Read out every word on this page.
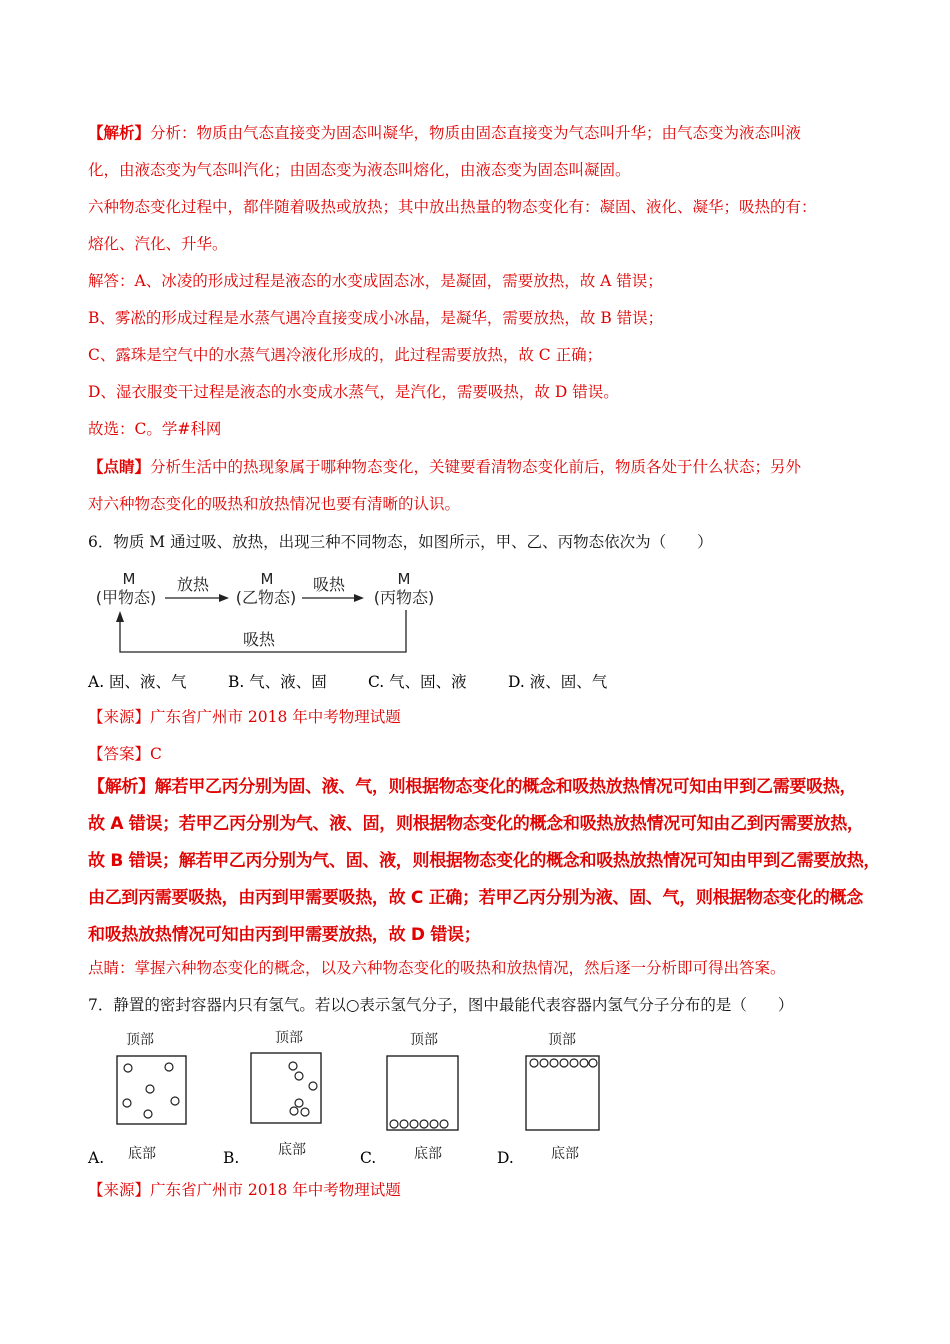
【解析】分析：物质由气态直接变为固态叫凝华，物质由固态直接变为气态叫升华；由气态变为液态叫液
化，由液态变为气态叫汽化；由固态变为液态叫熔化，由液态变为固态叫凝固。
六种物态变化过程中，都伴随着吸热或放热；其中放出热量的物态变化有：凝固、液化、凝华；吸热的有：
熔化、汽化、升华。
解答：A、冰凌的形成过程是液态的水变成固态冰，是凝固，需要放热，故 A 错误；
B、雾凇的形成过程是水蒸气遇冷直接变成小冰晶，是凝华，需要放热，故 B 错误；
C、露珠是空气中的水蒸气遇冷液化形成的，此过程需要放热，故 C 正确；
D、湿衣服变干过程是液态的水变成水蒸气，是汽化，需要吸热，故 D 错误。
故选：C。学#科网
【点睛】分析生活中的热现象属于哪种物态变化，关键要看清物态变化前后，物质各处于什么状态；另外
对六种物态变化的吸热和放热情况也要有清晰的认识。
6．物质 M 通过吸、放热，出现三种不同物态，如图所示，甲、乙、丙物态依次为（　　）
M	M	M
(甲物态)	(乙物态)	(丙物态)
放热	吸热
吸热
A. 固、液、气	B. 气、液、固	C. 气、固、液	D. 液、固、气
【来源】广东省广州市 2018 年中考物理试题
【答案】C
【解析】解若甲乙丙分别为固、液、气，则根据物态变化的概念和吸热放热情况可知由甲到乙需要吸热，
故 A 错误；若甲乙丙分别为气、液、固，则根据物态变化的概念和吸热放热情况可知由乙到丙需要放热，
故 B 错误；解若甲乙丙分别为气、固、液，则根据物态变化的概念和吸热放热情况可知由甲到乙需要放热，
由乙到丙需要吸热，由丙到甲需要吸热，故 C 正确；若甲乙丙分别为液、固、气，则根据物态变化的概念
和吸热放热情况可知由丙到甲需要放热，故 D 错误；
点睛：掌握六种物态变化的概念，以及六种物态变化的吸热和放热情况，然后逐一分析即可得出答案。
7．静置的密封容器内只有氢气。若以○表示氢气分子，图中最能代表容器内氢气分子分布的是（　　）
顶部
底部
A.
顶部
底部
B.
顶部
底部
C.
顶部
底部
D.
【来源】广东省广州市 2018 年中考物理试题
